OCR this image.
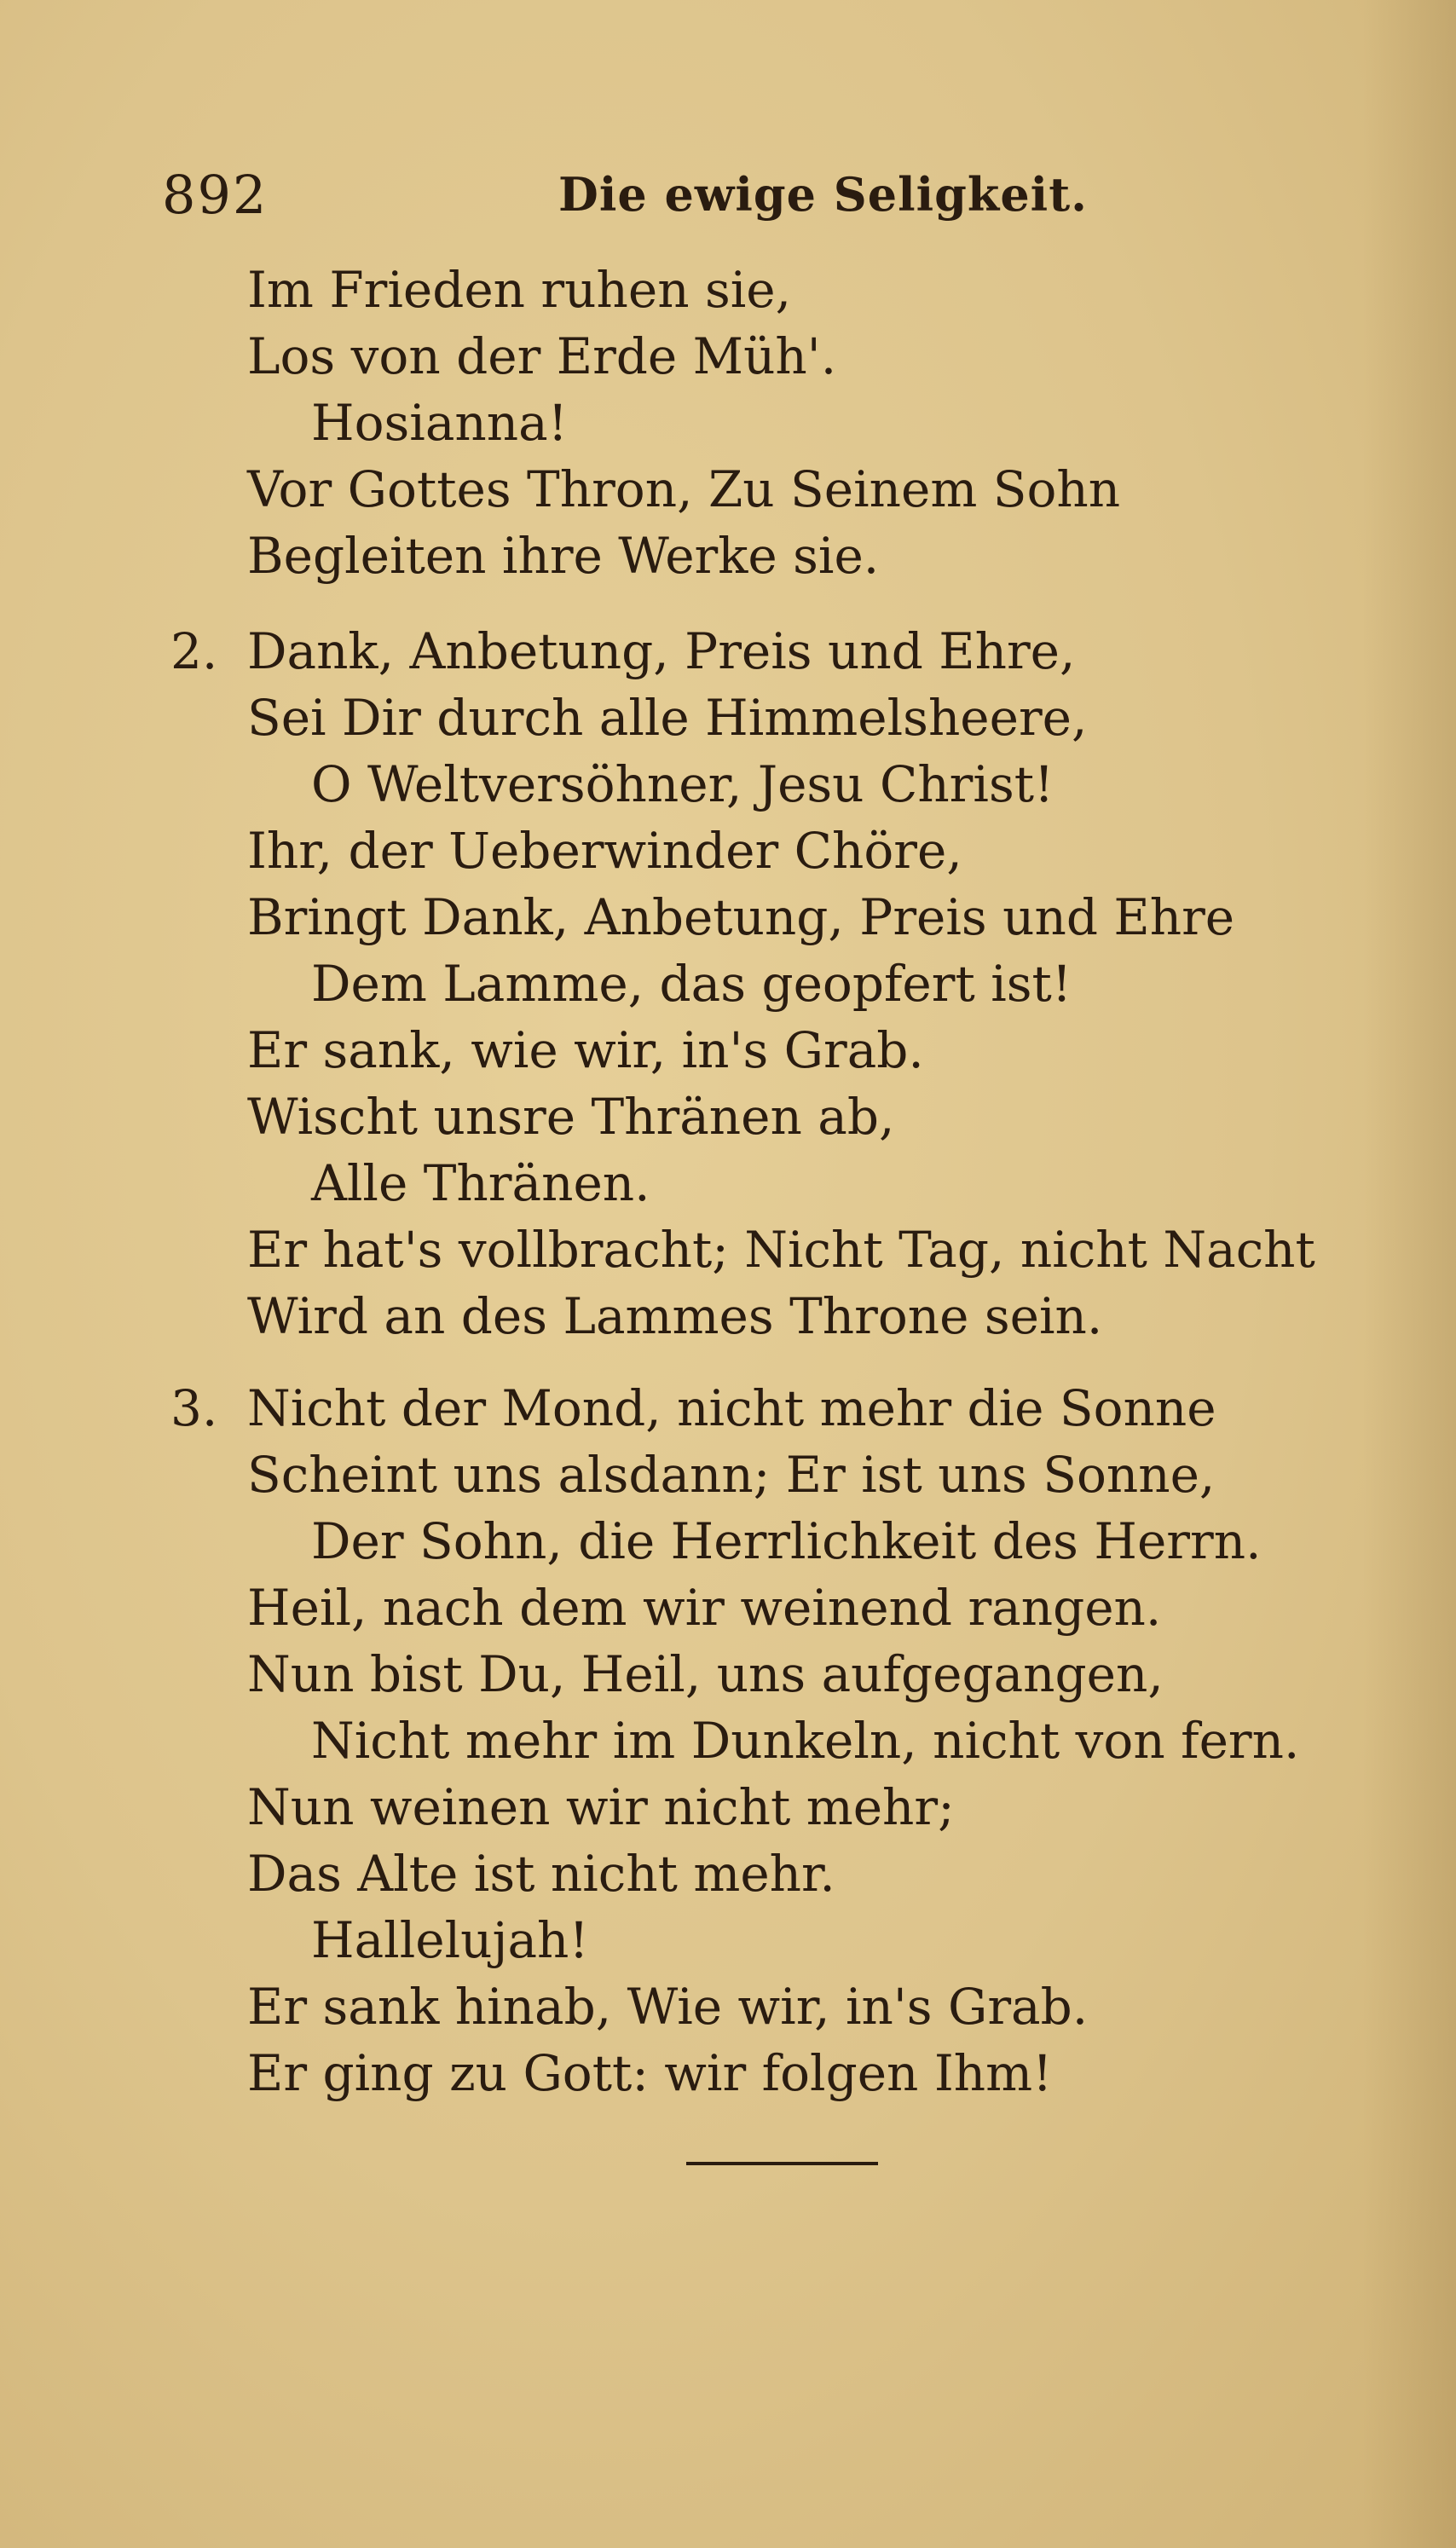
892	Die ewige Seligkeit.
Im Frieden ruhen sie,
Los von der Erde Müh'.
Hosianna!
Vor Gottes Thron, Zu Seinem Sohn
Begleiten ihre Werke sie.
2. Dank, Anbetung, Preis und Ehre,
Sei Dir durch alle Himmelsheere,
O Weltversöhner, Jesu Christ!
Ihr, der Ueberwinder Chöre,
Bringt Dank, Anbetung, Preis und Ehre
Dem Lamme, das geopfert ist!
Er sank, wie wir, in's Grab.
Wischt unsre Thränen ab,
Alle Thränen.
Er hat's vollbracht; Nicht Tag, nicht Nacht
Wird an des Lammes Throne sein.
3. Nicht der Mond, nicht mehr die Sonne
Scheint uns alsdann; Er ist uns Sonne,
Der Sohn, die Herrlichkeit des Herrn.
Heil, nach dem wir weinend rangen.
Nun bist Du, Heil, uns aufgegangen,
Nicht mehr im Dunkeln, nicht von fern.
Nun weinen wir nicht mehr;
Das Alte ist nicht mehr.
Hallelujah!
Er sank hinab, Wie wir, in's Grab.
Er ging zu Gott: wir folgen Ihm!
